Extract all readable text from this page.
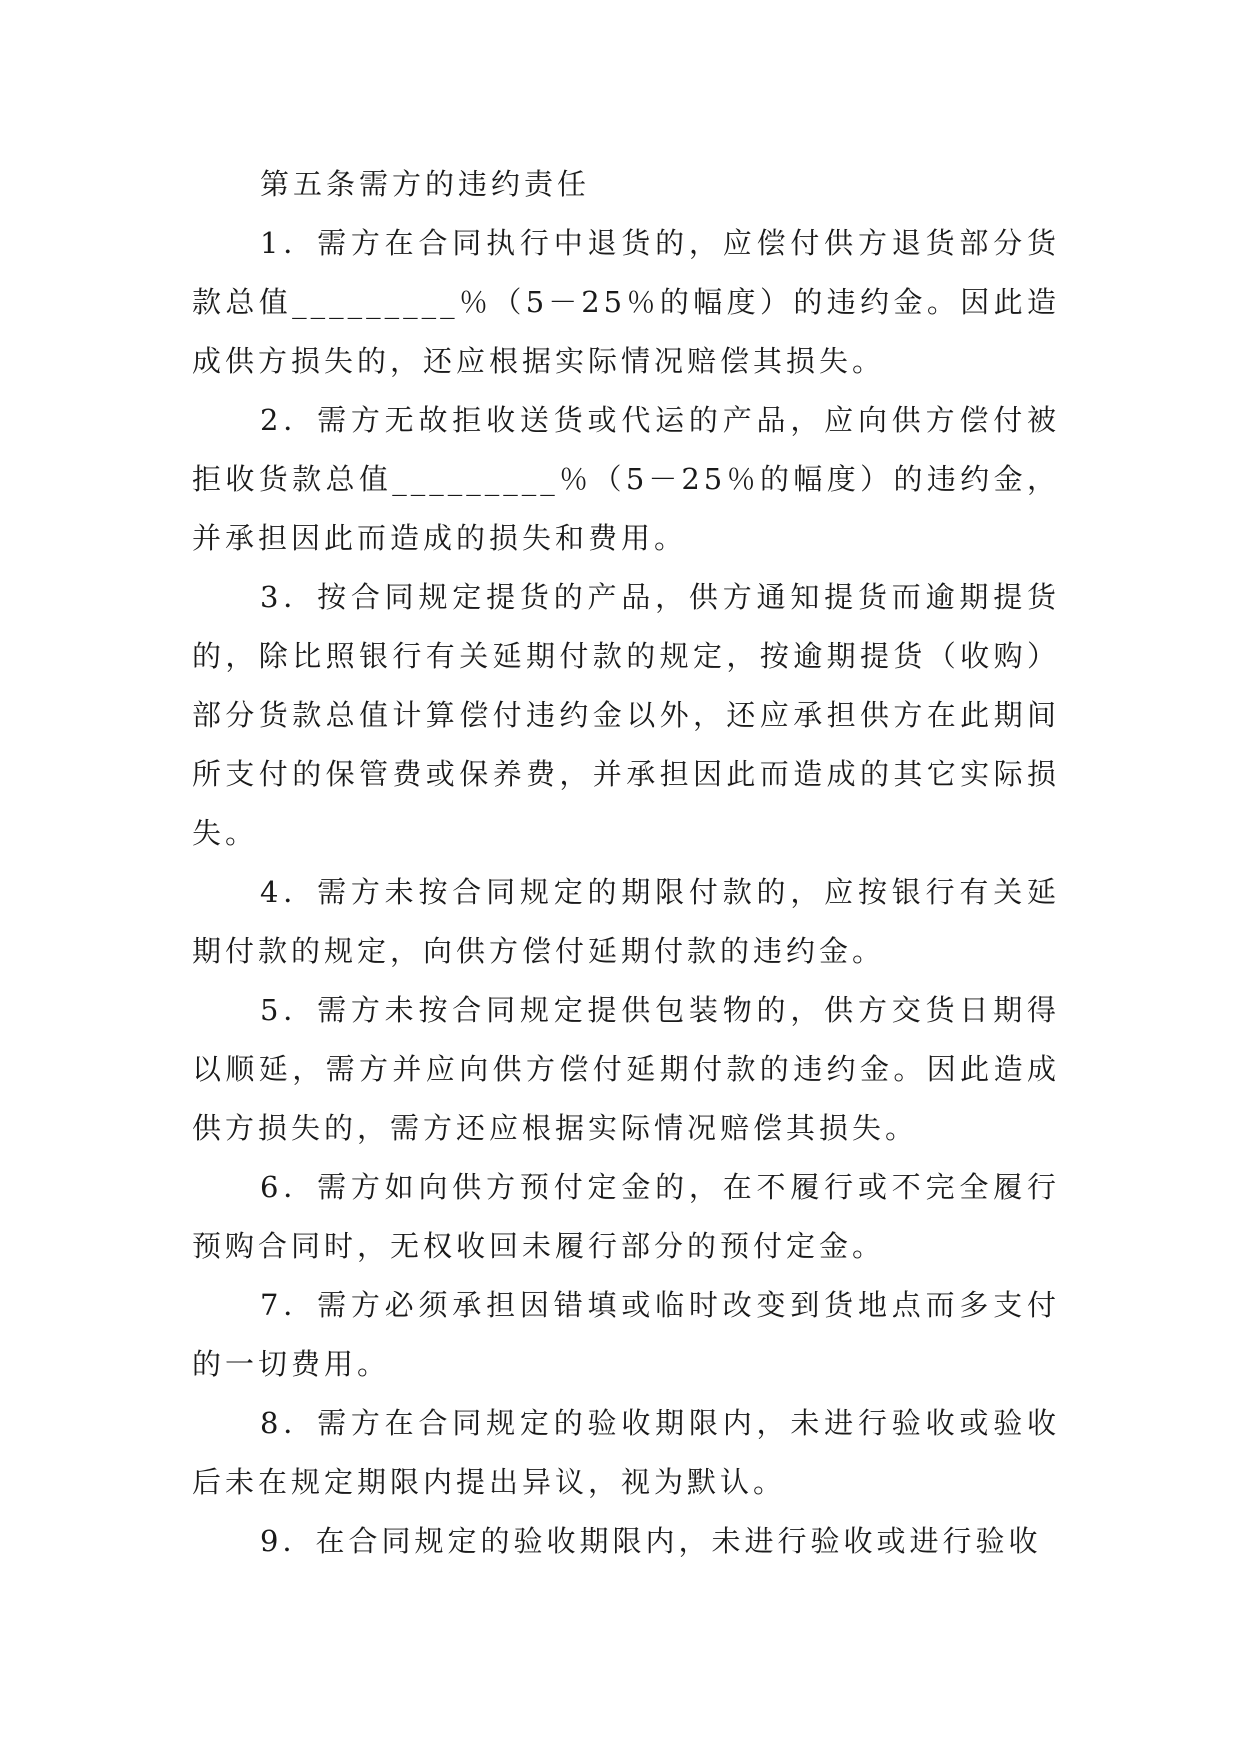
第五条需方的违约责任

1．需方在合同执行中退货的，应偿付供方退货部分货款总值_________％（5－25％的幅度）的违约金。因此造成供方损失的，还应根据实际情况赔偿其损失。

2．需方无故拒收送货或代运的产品，应向供方偿付被拒收货款总值_________％（5－25％的幅度）的违约金，并承担因此而造成的损失和费用。

3．按合同规定提货的产品，供方通知提货而逾期提货的，除比照银行有关延期付款的规定，按逾期提货（收购）部分货款总值计算偿付违约金以外，还应承担供方在此期间所支付的保管费或保养费，并承担因此而造成的其它实际损失。

4．需方未按合同规定的期限付款的，应按银行有关延期付款的规定，向供方偿付延期付款的违约金。

5．需方未按合同规定提供包装物的，供方交货日期得以顺延，需方并应向供方偿付延期付款的违约金。因此造成供方损失的，需方还应根据实际情况赔偿其损失。

6．需方如向供方预付定金的，在不履行或不完全履行预购合同时，无权收回未履行部分的预付定金。

7．需方必须承担因错填或临时改变到货地点而多支付的一切费用。

8．需方在合同规定的验收期限内，未进行验收或验收后未在规定期限内提出异议，视为默认。

9．在合同规定的验收期限内，未进行验收或进行验收
